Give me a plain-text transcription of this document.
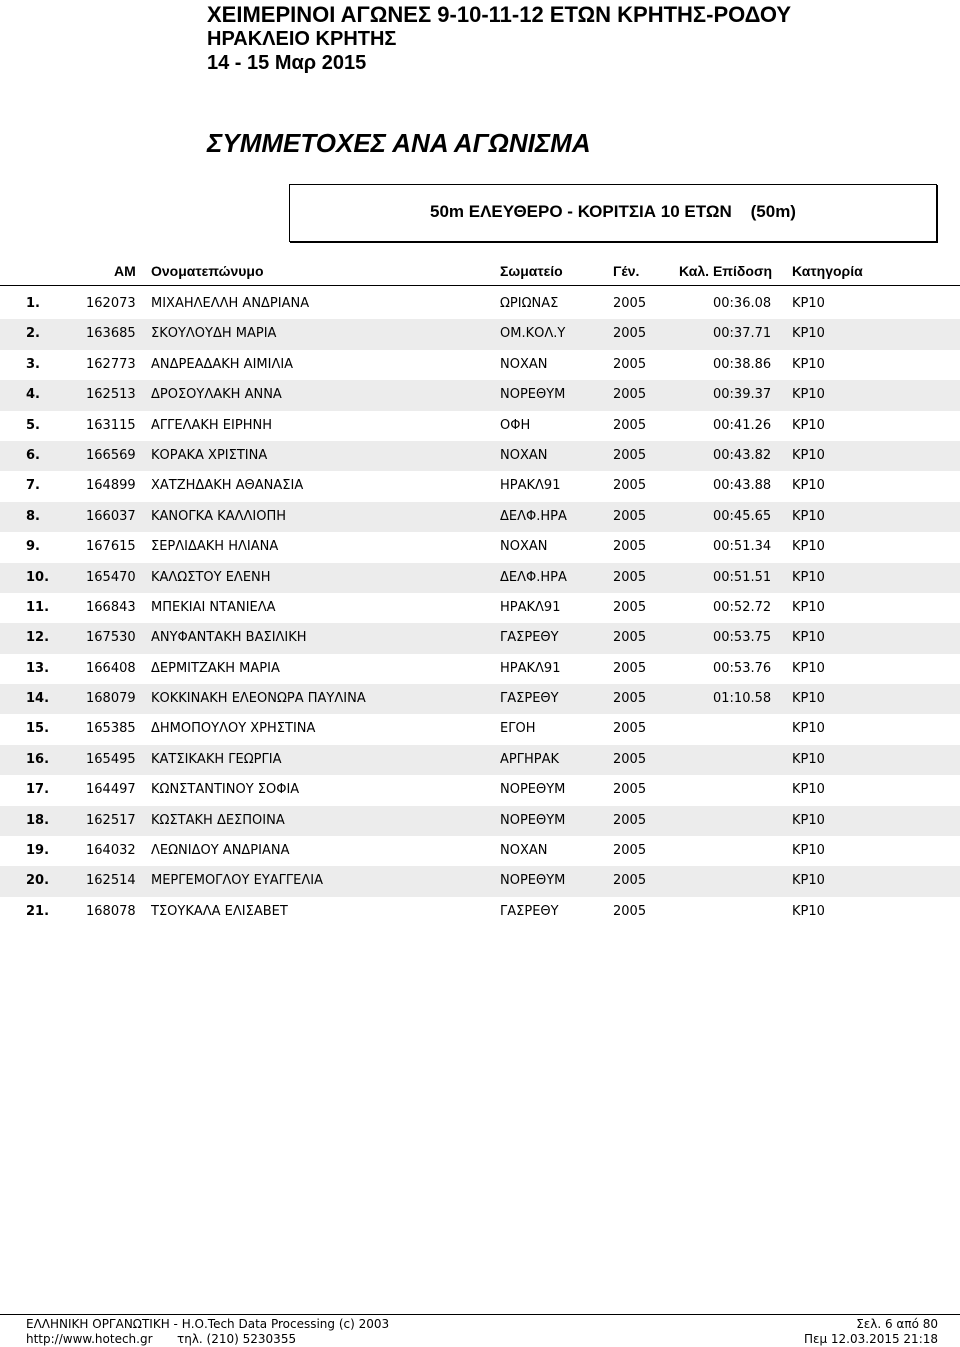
ΧΕΙΜΕΡΙΝΟΙ ΑΓΩΝΕΣ 9-10-11-12 ΕΤΩΝ ΚΡΗΤΗΣ-ΡΟΔΟΥ
ΗΡΑΚΛΕΙΟ ΚΡΗΤΗΣ
14 - 15 Μαρ 2015
ΣΥΜΜΕΤΟΧΕΣ ΑΝΑ ΑΓΩΝΙΣΜΑ
50m ΕΛΕΥΘΕΡΟ - ΚΟΡΙΤΣΙΑ 10 ΕΤΩΝ    (50m)
ΑΜ Ονοματεπώνυμο	Σωματείο	Γέν.	Καλ. Επίδοση Κατηγορία
1.	162073 ΜΙΧΑΗΛΕΛΛΗ ΑΝΔΡΙΑΝΑ	ΩΡΙΩΝΑΣ	2005	00:36.08 ΚΡ10
2.	163685 ΣΚΟΥΛΟΥΔΗ ΜΑΡΙΑ	ΟΜ.ΚΟΛ.Υ	2005	00:37.71 ΚΡ10
3.	162773 ΑΝΔΡΕΑΔΑΚΗ ΑΙΜΙΛΙΑ	ΝΟΧΑΝ	2005	00:38.86 ΚΡ10
4.	162513 ΔΡΟΣΟΥΛΑΚΗ ΑΝΝΑ	ΝΟΡΕΘΥΜ	2005	00:39.37 ΚΡ10
5.	163115 ΑΓΓΕΛΑΚΗ ΕΙΡΗΝΗ	ΟΦΗ	2005	00:41.26 ΚΡ10
6.	166569 ΚΟΡΑΚΑ ΧΡΙΣΤΙΝΑ	ΝΟΧΑΝ	2005	00:43.82 ΚΡ10
7.	164899 ΧΑΤΖΗΔΑΚΗ ΑΘΑΝΑΣΙΑ	ΗΡΑΚΛ91	2005	00:43.88 ΚΡ10
8.	166037 ΚΑΝΟΓΚΑ ΚΑΛΛΙΟΠΗ	ΔΕΛΦ.ΗΡΑ	2005	00:45.65 ΚΡ10
9.	167615 ΣΕΡΛΙΔΑΚΗ ΗΛΙΑΝΑ	ΝΟΧΑΝ	2005	00:51.34 ΚΡ10
10.	165470 ΚΑΛΩΣΤΟΥ ΕΛΕΝΗ	ΔΕΛΦ.ΗΡΑ	2005	00:51.51 ΚΡ10
11.	166843 ΜΠΕΚΙΑΙ ΝΤΑΝΙΕΛΑ	ΗΡΑΚΛ91	2005	00:52.72 ΚΡ10
12.	167530 ΑΝΥΦΑΝΤΑΚΗ ΒΑΣΙΛΙΚΗ	ΓΑΣΡΕΘΥ	2005	00:53.75 ΚΡ10
13.	166408 ΔΕΡΜΙΤΖΑΚΗ ΜΑΡΙΑ	ΗΡΑΚΛ91	2005	00:53.76 ΚΡ10
14.	168079 ΚΟΚΚΙΝΑΚΗ ΕΛΕΟΝΩΡΑ ΠΑΥΛΙΝΑ	ΓΑΣΡΕΘΥ	2005	01:10.58 ΚΡ10
15.	165385 ΔΗΜΟΠΟΥΛΟΥ ΧΡΗΣΤΙΝΑ	ΕΓΟΗ	2005	ΚΡ10
16.	165495 ΚΑΤΣΙΚΑΚΗ ΓΕΩΡΓΙΑ	ΑΡΓΗΡΑΚ	2005	ΚΡ10
17.	164497 ΚΩΝΣΤΑΝΤΙΝΟΥ ΣΟΦΙΑ	ΝΟΡΕΘΥΜ	2005	ΚΡ10
18.	162517 ΚΩΣΤΑΚΗ ΔΕΣΠΟΙΝΑ	ΝΟΡΕΘΥΜ	2005	ΚΡ10
19.	164032 ΛΕΩΝΙΔΟΥ ΑΝΔΡΙΑΝΑ	ΝΟΧΑΝ	2005	ΚΡ10
20.	162514 ΜΕΡΓΕΜΟΓΛΟΥ ΕΥΑΓΓΕΛΙΑ	ΝΟΡΕΘΥΜ	2005	ΚΡ10
21.	168078 ΤΣΟΥΚΑΛΑ ΕΛΙΣΑΒΕΤ	ΓΑΣΡΕΘΥ	2005	ΚΡ10
ΕΛΛΗΝΙΚΗ ΟΡΓΑΝΩΤΙΚΗ - Η.Ο.Tech Data Processing (c) 2003
http://www.hotech.gr τηλ. (210) 5230355
Σελ. 6 από 80
Πεμ 12.03.2015 21:18
